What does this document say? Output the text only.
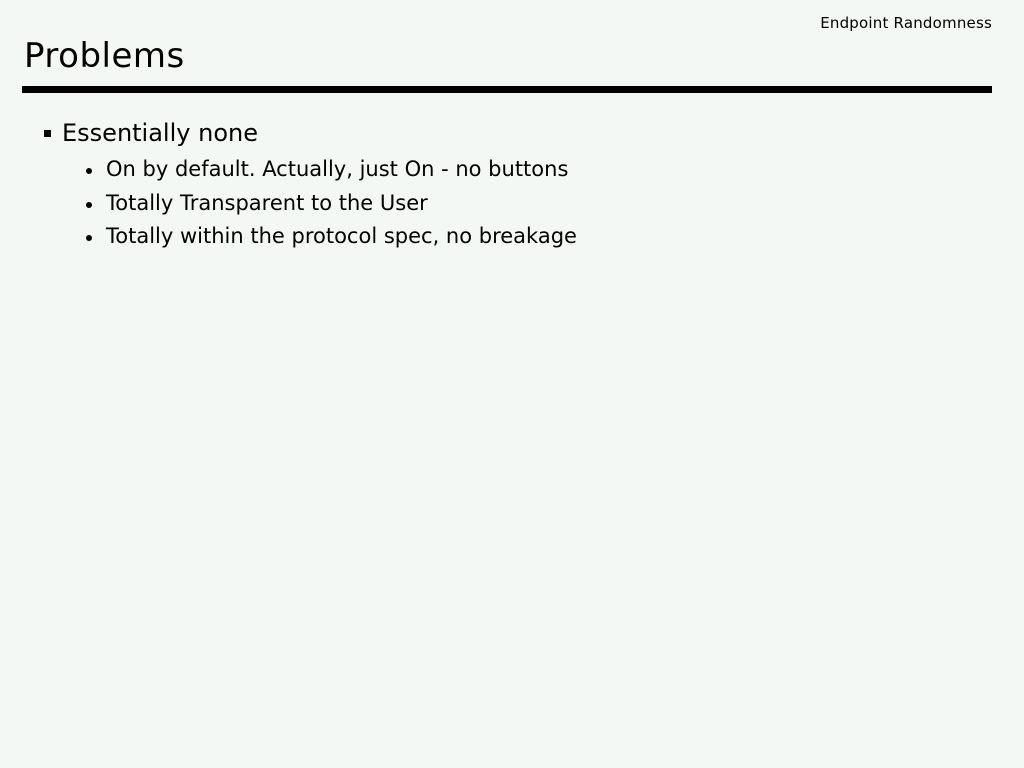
Endpoint Randomness
Problems
Essentially none
On by default. Actually, just On - no buttons
Totally Transparent to the User
Totally within the protocol spec, no breakage
